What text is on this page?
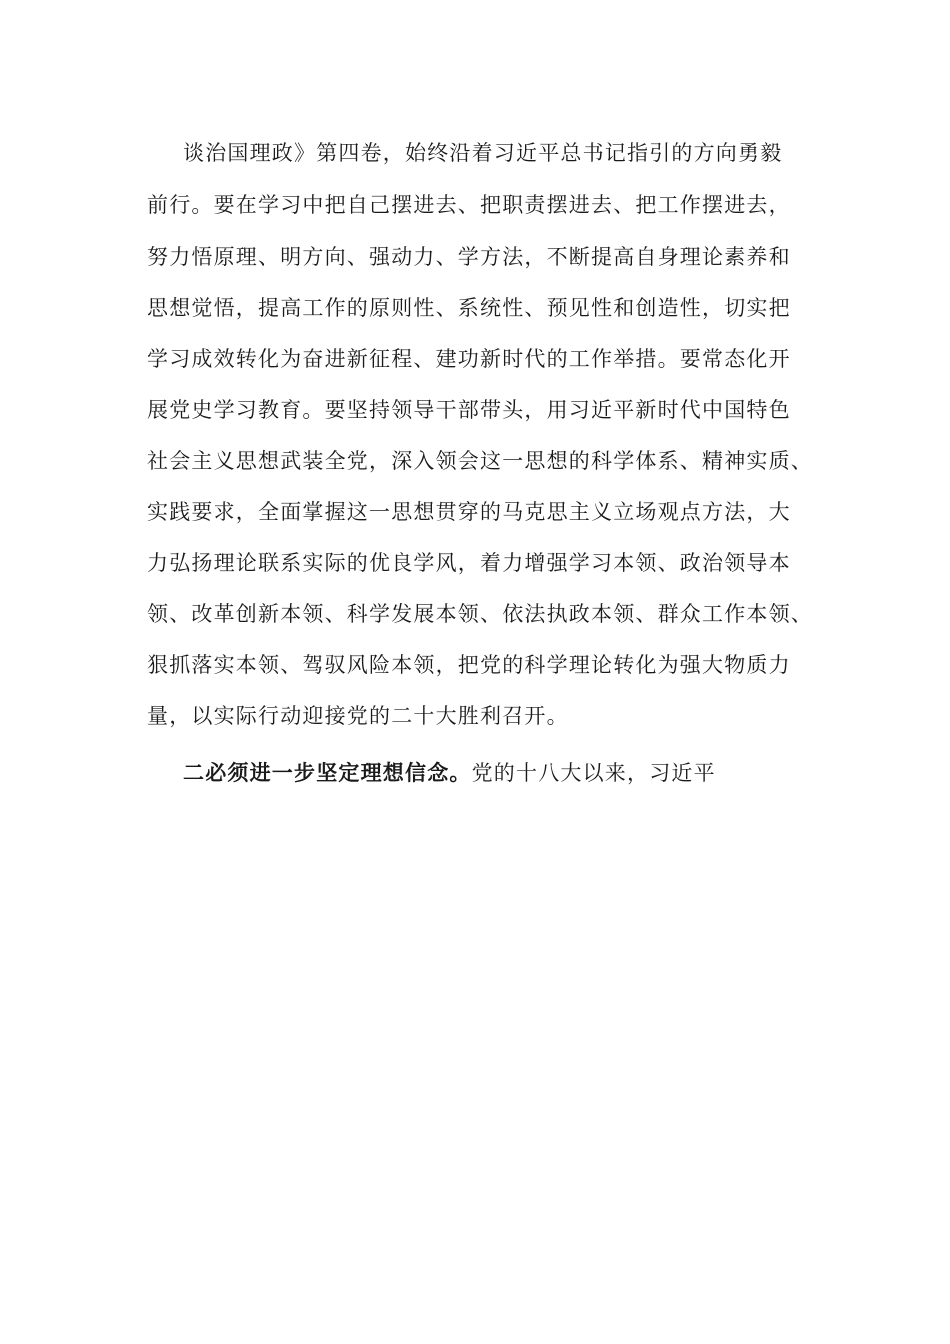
谈治国理政》第四卷，始终沿着习近平总书记指引的方向勇毅
前行。要在学习中把自己摆进去、把职责摆进去、把工作摆进去，
努力悟原理、明方向、强动力、学方法，不断提高自身理论素养和
思想觉悟，提高工作的原则性、系统性、预见性和创造性，切实把
学习成效转化为奋进新征程、建功新时代的工作举措。要常态化开
展党史学习教育。要坚持领导干部带头，用习近平新时代中国特色
社会主义思想武装全党，深入领会这一思想的科学体系、精神实质、
实践要求，全面掌握这一思想贯穿的马克思主义立场观点方法，大
力弘扬理论联系实际的优良学风，着力增强学习本领、政治领导本
领、改革创新本领、科学发展本领、依法执政本领、群众工作本领、
狠抓落实本领、驾驭风险本领，把党的科学理论转化为强大物质力
量，以实际行动迎接党的二十大胜利召开。
二必须进一步坚定理想信念。党的十八大以来，习近平
